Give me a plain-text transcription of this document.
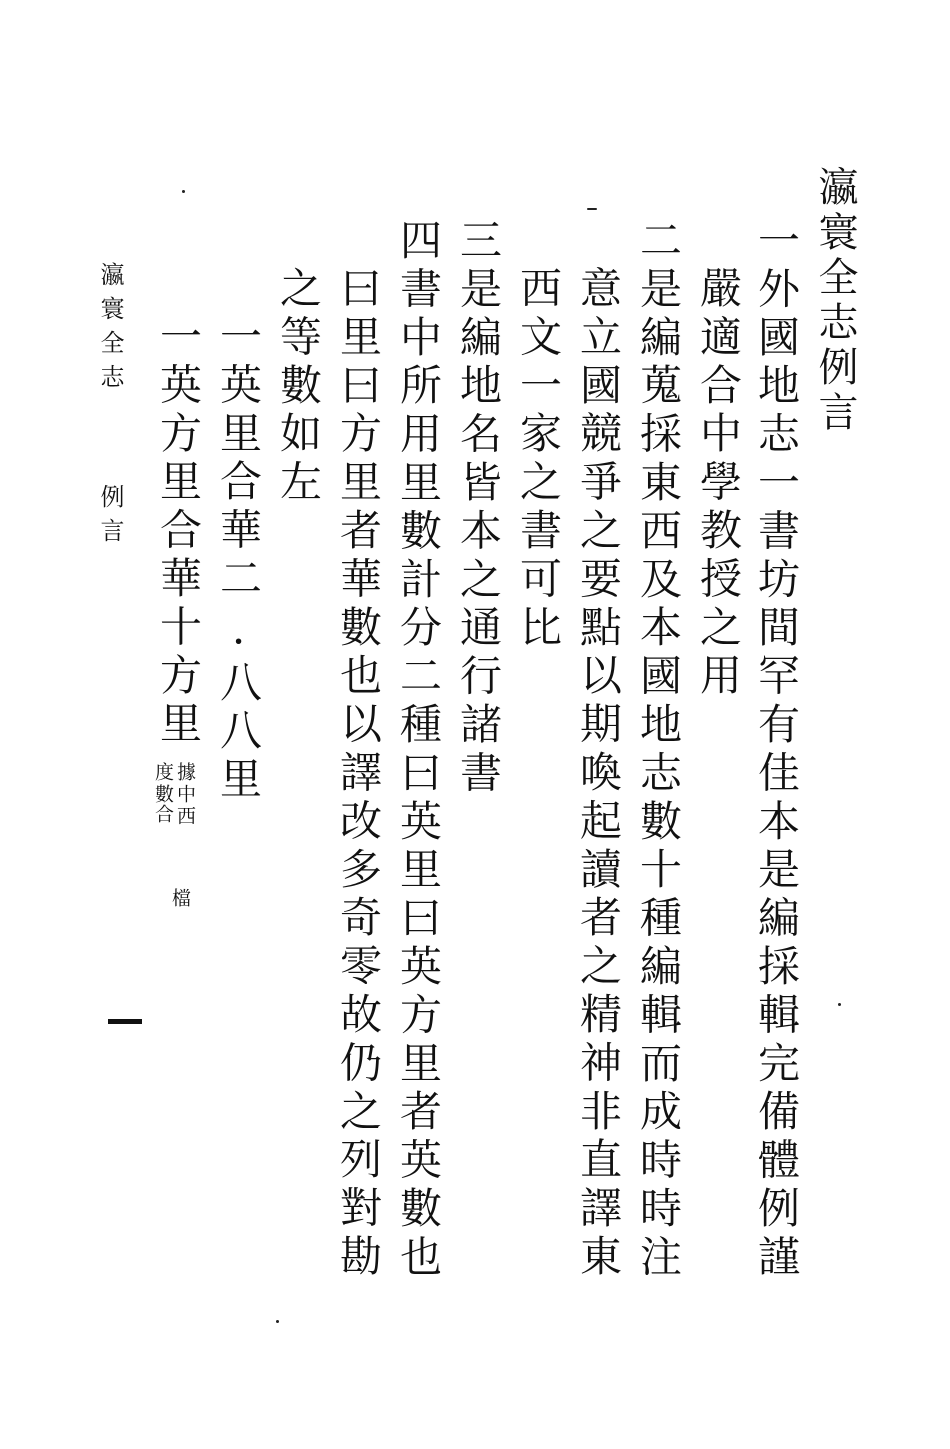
瀛寰全志例言
一外國地志一書坊間罕有佳本是編採輯完備體例謹
嚴適合中學教授之用
二是編蒐採東西及本國地志數十種編輯而成時時注
意立國競爭之要點以期喚起讀者之精神非直譯東
西文一家之書可比
三是編地名皆本之通行諸書
四書中所用里數計分二種曰英里曰英方里者英數也
曰里曰方里者華數也以譯改多奇零故仍之列對勘
之等數如左
一英里合華二.八八里
一英方里合華十方里
據中西
度數
合
檔
瀛寰全志
例言
